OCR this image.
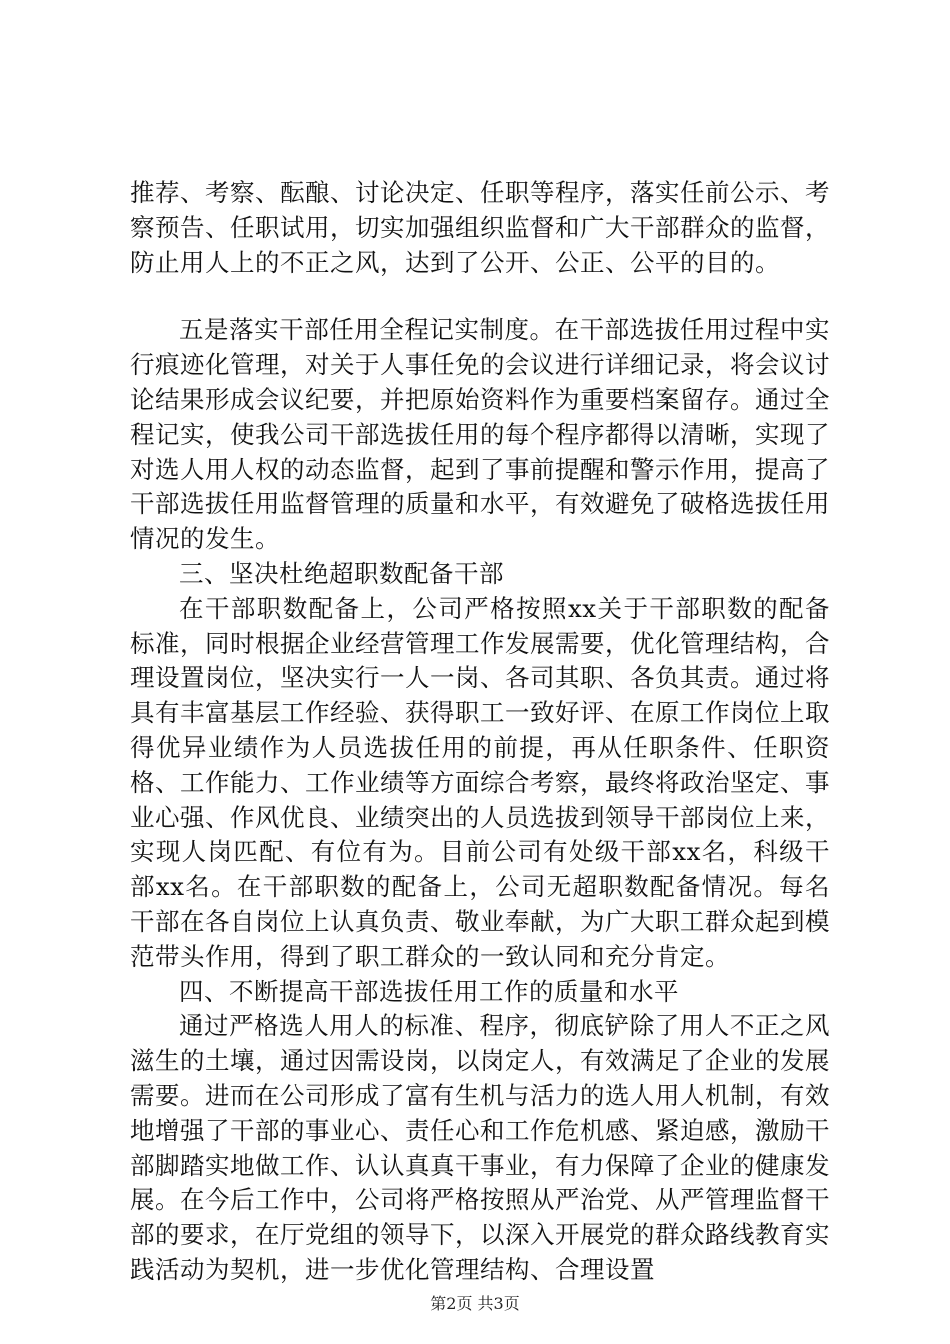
推荐、考察、酝酿、讨论决定、任职等程序，落实任前公示、考察预告、任职试用，切实加强组织监督和广大干部群众的监督，防止用人上的不正之风，达到了公开、公正、公平的目的。

五是落实干部任用全程记实制度。在干部选拔任用过程中实行痕迹化管理，对关于人事任免的会议进行详细记录，将会议讨论结果形成会议纪要，并把原始资料作为重要档案留存。通过全程记实，使我公司干部选拔任用的每个程序都得以清晰，实现了对选人用人权的动态监督，起到了事前提醒和警示作用，提高了干部选拔任用监督管理的质量和水平，有效避免了破格选拔任用情况的发生。

三、坚决杜绝超职数配备干部

在干部职数配备上，公司严格按照xx关于干部职数的配备标准，同时根据企业经营管理工作发展需要，优化管理结构，合理设置岗位，坚决实行一人一岗、各司其职、各负其责。通过将具有丰富基层工作经验、获得职工一致好评、在原工作岗位上取得优异业绩作为人员选拔任用的前提，再从任职条件、任职资格、工作能力、工作业绩等方面综合考察，最终将政治坚定、事业心强、作风优良、业绩突出的人员选拔到领导干部岗位上来，实现人岗匹配、有位有为。目前公司有处级干部xx名，科级干部xx名。在干部职数的配备上，公司无超职数配备情况。每名干部在各自岗位上认真负责、敬业奉献，为广大职工群众起到模范带头作用，得到了职工群众的一致认同和充分肯定。

四、不断提高干部选拔任用工作的质量和水平

通过严格选人用人的标准、程序，彻底铲除了用人不正之风滋生的土壤，通过因需设岗，以岗定人，有效满足了企业的发展需要。进而在公司形成了富有生机与活力的选人用人机制，有效地增强了干部的事业心、责任心和工作危机感、紧迫感，激励干部脚踏实地做工作、认认真真干事业，有力保障了企业的健康发展。在今后工作中，公司将严格按照从严治党、从严管理监督干部的要求，在厅党组的领导下，以深入开展党的群众路线教育实践活动为契机，进一步优化管理结构、合理设置

第2页 共3页
